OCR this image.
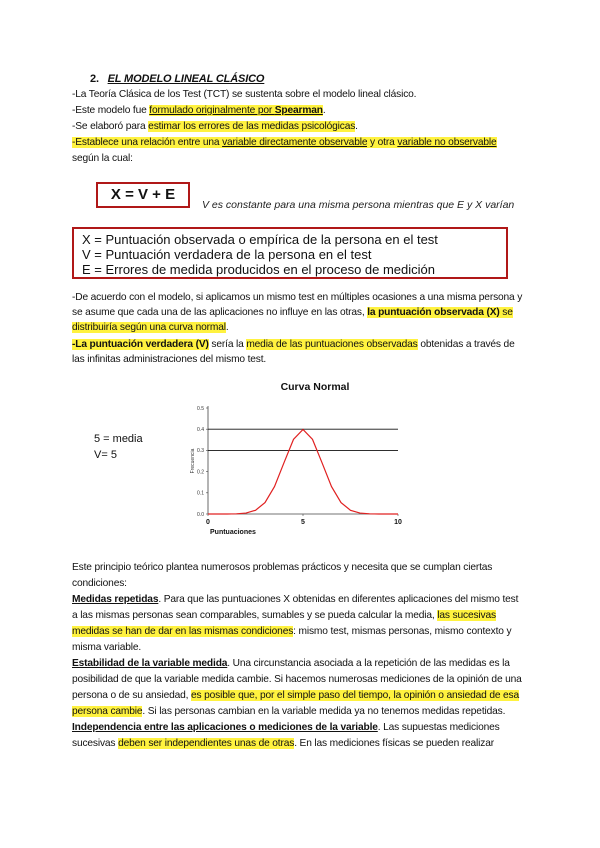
2. EL MODELO LINEAL CLÁSICO
-La Teoría Clásica de los Test (TCT) se sustenta sobre el modelo lineal clásico.
-Este modelo fue formulado originalmente por Spearman.
-Se elaboró para estimar los errores de las medidas psicológicas.
-Establece una relación entre una variable directamente observable y otra variable no observable
según la cual:
X = V + E
V es constante para una misma persona mientras que E y X varían
X = Puntuación observada o empírica de la persona en el test
V = Puntuación verdadera de la persona en el test
E = Errores de medida producidos en el proceso de medición
-De acuerdo con el modelo, si aplicamos un mismo test en múltiples ocasiones a una misma persona y
se asume que cada una de las aplicaciones no influye en las otras, la puntuación observada (X) se
distribuiría según una curva normal.
-La puntuación verdadera (V) sería la media de las puntuaciones observadas obtenidas a través de
las infinitas administraciones del mismo test.
5 = media
V= 5
Curva Normal
0.0
0.1
0.2
0.3
0.4
0.5
0	5	10
Puntuaciones
Frecuencia
Este principio teórico plantea numerosos problemas prácticos y necesita que se cumplan ciertas
condiciones:
Medidas repetidas. Para que las puntuaciones X obtenidas en diferentes aplicaciones del mismo test
a las mismas personas sean comparables, sumables y se pueda calcular la media, las sucesivas
medidas se han de dar en las mismas condiciones: mismo test, mismas personas, mismo contexto y
misma variable.
Estabilidad de la variable medida. Una circunstancia asociada a la repetición de las medidas es la
posibilidad de que la variable medida cambie. Si hacemos numerosas mediciones de la opinión de una
persona o de su ansiedad, es posible que, por el simple paso del tiempo, la opinión o ansiedad de esa
persona cambie. Si las personas cambian en la variable medida ya no tenemos medidas repetidas.
Independencia entre las aplicaciones o mediciones de la variable. Las supuestas mediciones
sucesivas deben ser independientes unas de otras. En las mediciones físicas se pueden realizar
